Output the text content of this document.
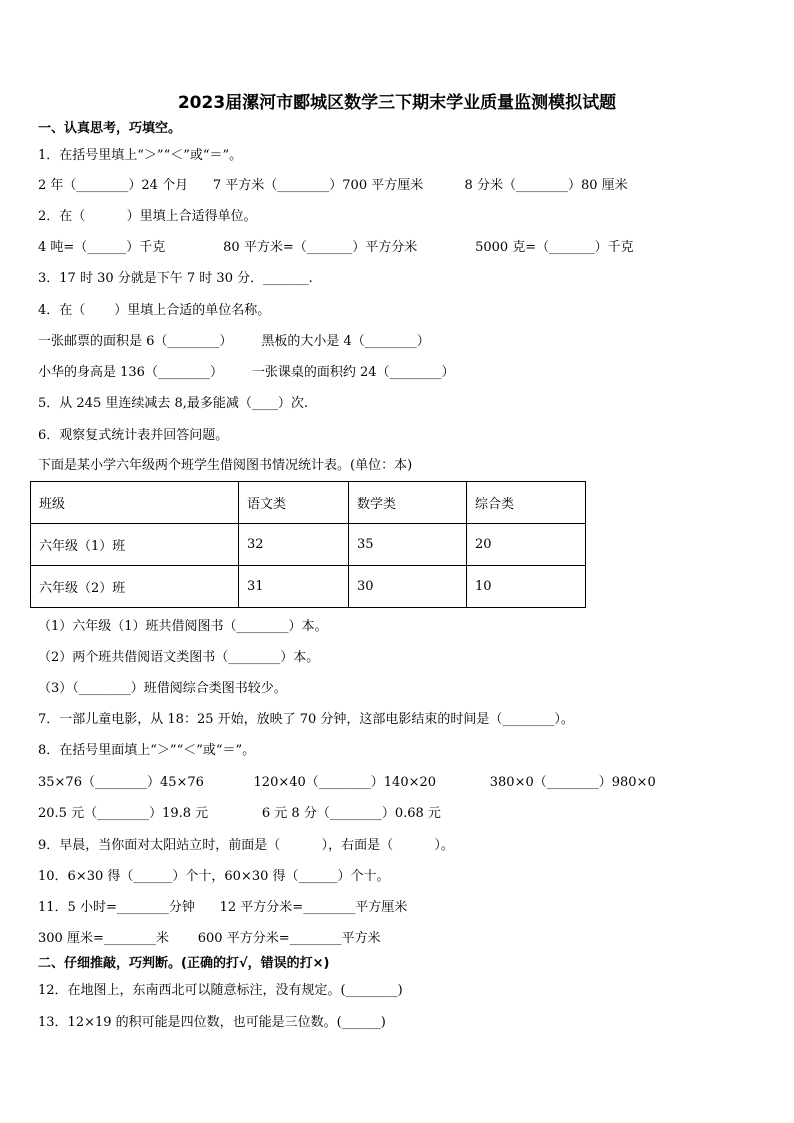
2023届漯河市郾城区数学三下期末学业质量监测模拟试题
一、认真思考，巧填空。
1．在括号里填上“＞”“＜”或“＝”。
2 年（________）24 个月      7 平方米（________）700 平方厘米          8 分米（________）80 厘米
2．在（          ）里填上合适得单位。
4 吨=（______）千克              80 平方米=（_______）平方分米              5000 克=（_______）千克
3．17 时 30 分就是下午 7 时 30 分．_______.
4．在（       ）里填上合适的单位名称。
一张邮票的面积是 6（________）       黑板的大小是 4（________）
小华的身高是 136（________）       一张课桌的面积约 24（________）
5．从 245 里连续减去 8,最多能减（____）次.
6．观察复式统计表并回答问题。
下面是某小学六年级两个班学生借阅图书情况统计表。(单位：本)
班级	语文类	数学类	综合类
六年级（1）班	32	35	20
六年级（2）班	31	30	10
（1）六年级（1）班共借阅图书（________）本。
（2）两个班共借阅语文类图书（________）本。
（3）（________）班借阅综合类图书较少。
7．一部儿童电影，从 18：25 开始，放映了 70 分钟，这部电影结束的时间是（________）。
8．在括号里面填上“＞”“＜”或“＝”。
35×76（________）45×76            120×40（________）140×20             380×0（________）980×0
20.5 元（________）19.8 元             6 元 8 分（________）0.68 元
9．早晨，当你面对太阳站立时，前面是（          ），右面是（          ）。
10．6×30 得（______）个十，60×30 得（______）个十。
11．5 小时=________分钟      12 平方分米=________平方厘米
300 厘米=________米       600 平方分米=________平方米
二、仔细推敲，巧判断。(正确的打√，错误的打×)
12．在地图上，东南西北可以随意标注，没有规定。(________)
13．12×19 的积可能是四位数，也可能是三位数。(______)
